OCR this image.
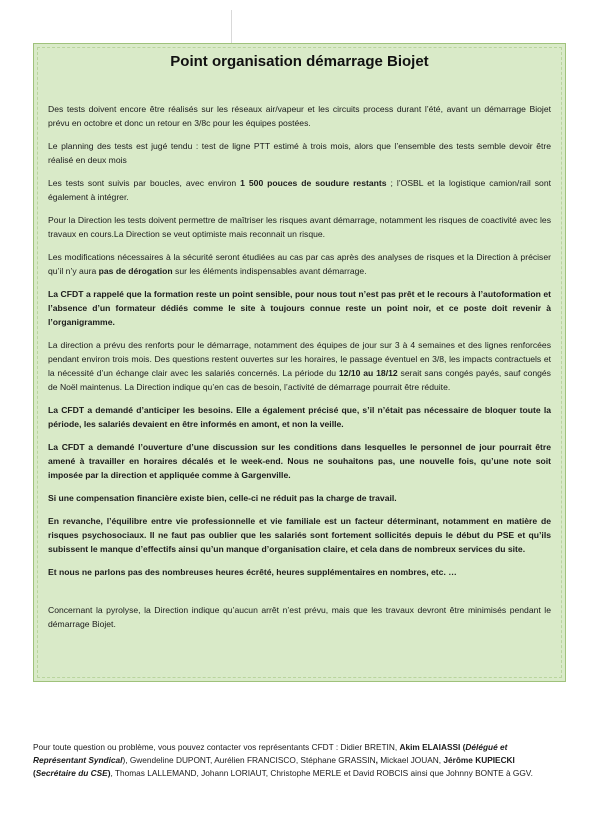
Point organisation démarrage Biojet

Des tests doivent encore être réalisés sur les réseaux air/vapeur et les circuits process durant l’été, avant un démarrage Biojet prévu en octobre et donc un retour en 3/8c pour les équipes postées.

Le planning des tests est jugé tendu : test de ligne PTT estimé à trois mois, alors que l’ensemble des tests semble devoir être réalisé en deux mois

Les tests sont suivis par boucles, avec environ 1 500 pouces de soudure restants ; l’OSBL et la logistique camion/rail sont également à intégrer.

Pour la Direction les tests doivent permettre de maîtriser les risques avant démarrage, notamment les risques de coactivité avec les travaux en cours.La Direction se veut optimiste mais reconnait un risque.

Les modifications nécessaires à la sécurité seront étudiées au cas par cas après des analyses de risques et la Direction à préciser qu’il n’y aura pas de dérogation sur les éléments indispensables avant démarrage.

La CFDT a rappelé que la formation reste un point sensible, pour nous tout n’est pas prêt et le recours à l’autoformation et l’absence d’un formateur dédiés comme le site à toujours connue reste un point noir, et ce poste doit revenir à l’organigramme.

La direction a prévu des renforts pour le démarrage, notamment des équipes de jour sur 3 à 4 semaines et des lignes renforcées pendant environ trois mois. Des questions restent ouvertes sur les horaires, le passage éventuel en 3/8, les impacts contractuels et la nécessité d’un échange clair avec les salariés concernés. La période du 12/10 au 18/12 serait sans congés payés, sauf congés de Noël maintenus. La Direction indique qu’en cas de besoin, l’activité de démarrage pourrait être réduite.

La CFDT a demandé d’anticiper les besoins. Elle a également précisé que, s’il n’était pas nécessaire de bloquer toute la période, les salariés devaient en être informés en amont, et non la veille.

La CFDT a demandé l’ouverture d’une discussion sur les conditions dans lesquelles le personnel de jour pourrait être amené à travailler en horaires décalés et le week-end. Nous ne souhaitons pas, une nouvelle fois, qu’une note soit imposée par la direction et appliquée comme à Gargenville.

Si une compensation financière existe bien, celle-ci ne réduit pas la charge de travail.

En revanche, l’équilibre entre vie professionnelle et vie familiale est un facteur déterminant, notamment en matière de risques psychosociaux. Il ne faut pas oublier que les salariés sont fortement sollicités depuis le début du PSE et qu’ils subissent le manque d’effectifs ainsi qu’un manque d’organisation claire, et cela dans de nombreux services du site.

Et nous ne parlons pas des nombreuses heures écrêté, heures supplémentaires en nombres, etc. …

Concernant la pyrolyse, la Direction indique qu’aucun arrêt n’est prévu, mais que les travaux devront être minimisés pendant le démarrage Biojet.

Pour toute question ou problème, vous pouvez contacter vos représentants CFDT : Didier BRETIN, Akim ELAIASSI (Délégué et Représentant Syndical), Gwendeline DUPONT, Aurélien FRANCISCO, Stéphane GRASSIN, Mickael JOUAN, Jérôme KUPIECKI (Secrétaire du CSE), Thomas LALLEMAND, Johann LORIAUT, Christophe MERLE et David ROBCIS ainsi que Johnny BONTE à GGV.
